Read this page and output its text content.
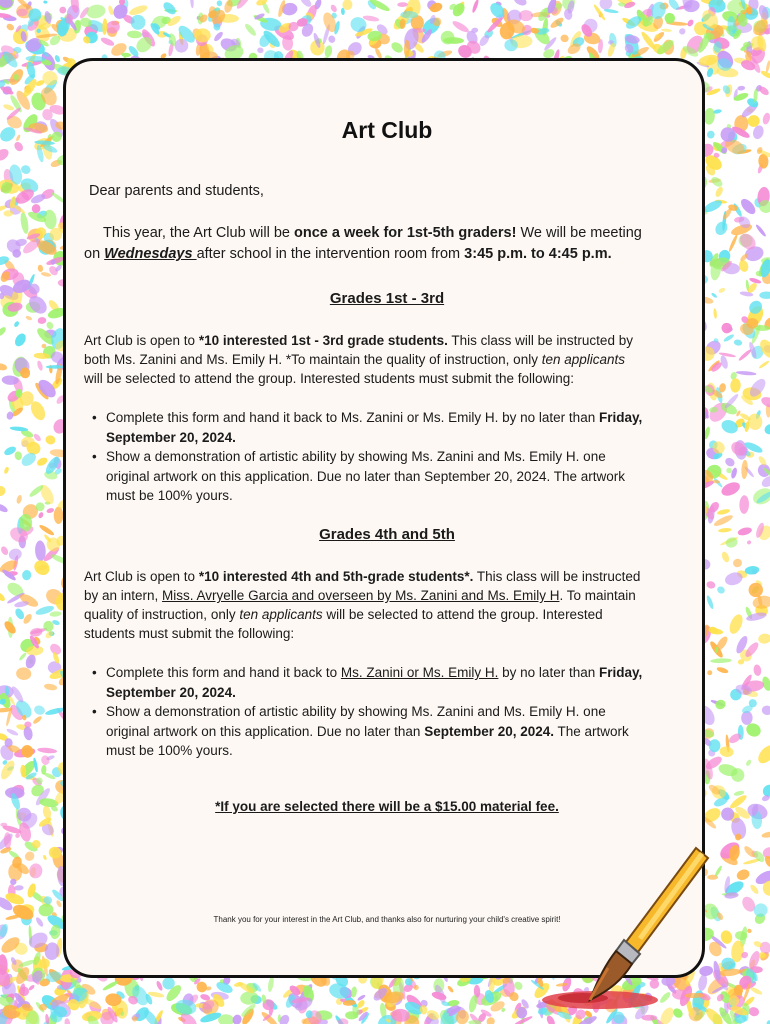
Art Club
Dear parents and students,
This year, the Art Club will be once a week for 1st-5th graders! We will be meeting
on Wednesdays after school in the intervention room from 3:45 p.m. to 4:45 p.m.
Grades 1st - 3rd
Art Club is open to *10 interested 1st - 3rd grade students. This class will be instructed by
both Ms. Zanini and Ms. Emily H. *To maintain the quality of instruction, only ten applicants
will be selected to attend the group. Interested students must submit the following:
• Complete this form and hand it back to Ms. Zanini or Ms. Emily H. by no later than Friday,
September 20, 2024.
• Show a demonstration of artistic ability by showing Ms. Zanini and Ms. Emily H. one
original artwork on this application. Due no later than September 20, 2024. The artwork
must be 100% yours.
Grades 4th and 5th
Art Club is open to *10 interested 4th and 5th-grade students*. This class will be instructed
by an intern, Miss. Avryelle Garcia and overseen by Ms. Zanini and Ms. Emily H. To maintain
quality of instruction, only ten applicants will be selected to attend the group. Interested
students must submit the following:
• Complete this form and hand it back to Ms. Zanini or Ms. Emily H. by no later than Friday,
September 20, 2024.
• Show a demonstration of artistic ability by showing Ms. Zanini and Ms. Emily H. one
original artwork on this application. Due no later than September 20, 2024. The artwork
must be 100% yours.
*If you are selected there will be a $15.00 material fee.
Thank you for your interest in the Art Club, and thanks also for nurturing your child's creative spirit!
